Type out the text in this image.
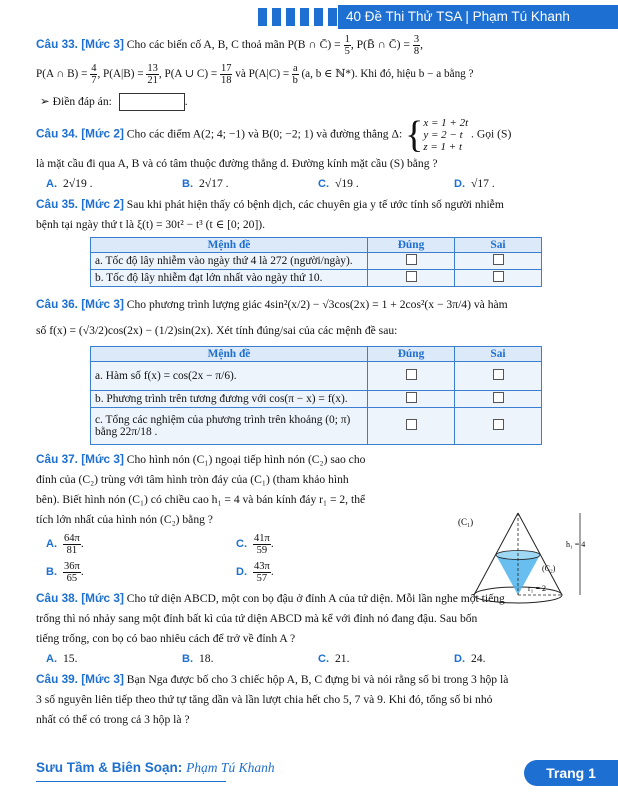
40 Đề Thi Thử TSA | Phạm Tú Khanh
Câu 33. [Mức 3] Cho các biến cố A, B, C thoả mãn P(B ∩ C̄) = $\frac{1}{5}$ , P(B̄ ∩ C̄) = $\frac{3}{8}$ ,
P(A ∩ $B) = \frac{4}{7}$ , $P(A|B) = \frac{13}{21}$ , P(A ∪ $C) = \frac{17}{18}$ và $P(A|C) = \frac{a}{b} (a$, b ∈ ℕ*). Khi đó, hiệu b − a bằng ?
➢ Điền đáp án:	.
Câu 34. [Mức 2] Cho các điểm A(2; 4; −1) và B(0; −2; 1) và đường thẳng Δ: { x = 1 + 2t
y = 2 − t
z = 1 + t
. Gọi (S)
là mặt cầu đi qua A, B và có tâm thuộc đường thẳng d. Đường kính mặt cầu (S) bằng ?
A. 2√19 .	B. 2√17 .	C. √19 .	D. √17 .
Câu 35. [Mức 2] Sau khi phát hiện thấy có bệnh dịch, các chuyên gia y tế ước tính số người nhiễm
bệnh tại ngày thứ t là ξ(t) = 30t² − t³ (t ∈ [0; 20]).
Mệnh đề	Đúng	Sai
a. Tốc độ lây nhiễm vào ngày thứ 4 là 272 (người/ngày).		
b. Tốc độ lây nhiễm đạt lớn nhất vào ngày thứ 10.		
Câu 36. [Mức 3] Cho phương trình lượng giác 4sin²(x/2) − √3cos(2x) = 1 + 2cos²(x − 3π/4) và hàm
số f(x) = (√3/2)cos(2x) − (1/2)sin(2x). Xét tính đúng/sai của các mệnh đề sau:
Mệnh đề	Đúng	Sai
a. Hàm số f(x) = cos(2x − π/6).		
b. Phương trình trên tương đương với cos(π − x) = f(x).		
c. Tổng các nghiệm của phương trình trên khoảng (0; π) bằng 22π/18 .		
Câu 37. [Mức 3] Cho hình nón (C₁) ngoại tiếp hình nón (C₂) sao cho
đỉnh của (C₂) trùng với tâm hình tròn đáy của (C₁) (tham khảo hình
bên). Biết hình nón (C₁) có chiều cao h₁ = 4 và bán kính đáy r₁ = 2, thể
tích lớn nhất của hình nón (C₂) bằng ?
A. $\frac{64\pi}{81}$ .	C. $\frac{41\pi}{59}$ .
B. $\frac{36\pi}{65}$ .	D. $\frac{43\pi}{57}$ .
Câu 38. [Mức 3] Cho tứ diện ABCD, một con bọ đậu ở đỉnh A của tứ diện. Mỗi lần nghe một tiếng
trống thì nó nhảy sang một đỉnh bất kì của tứ diện ABCD mà kể với đỉnh nó đang đậu. Sau bốn
tiếng trống, con bọ có bao nhiêu cách để trở về đỉnh A ?
A. 15.	B. 18.	C. 21.	D. 24.
Câu 39. [Mức 3] Bạn Nga được bố cho 3 chiếc hộp A, B, C đựng bi và nói rằng số bi trong 3 hộp là
3 số nguyên liên tiếp theo thứ tự tăng dần và lần lượt chia hết cho 5, 7 và 9. Khi đó, tổng số bi nhỏ
nhất có thể có trong cả 3 hộp là ?
(C₁)
(C₂)
h₁ = 4
r₁ = 2
Sưu Tầm & Biên Soạn: Phạm Tú Khanh	Trang 1
